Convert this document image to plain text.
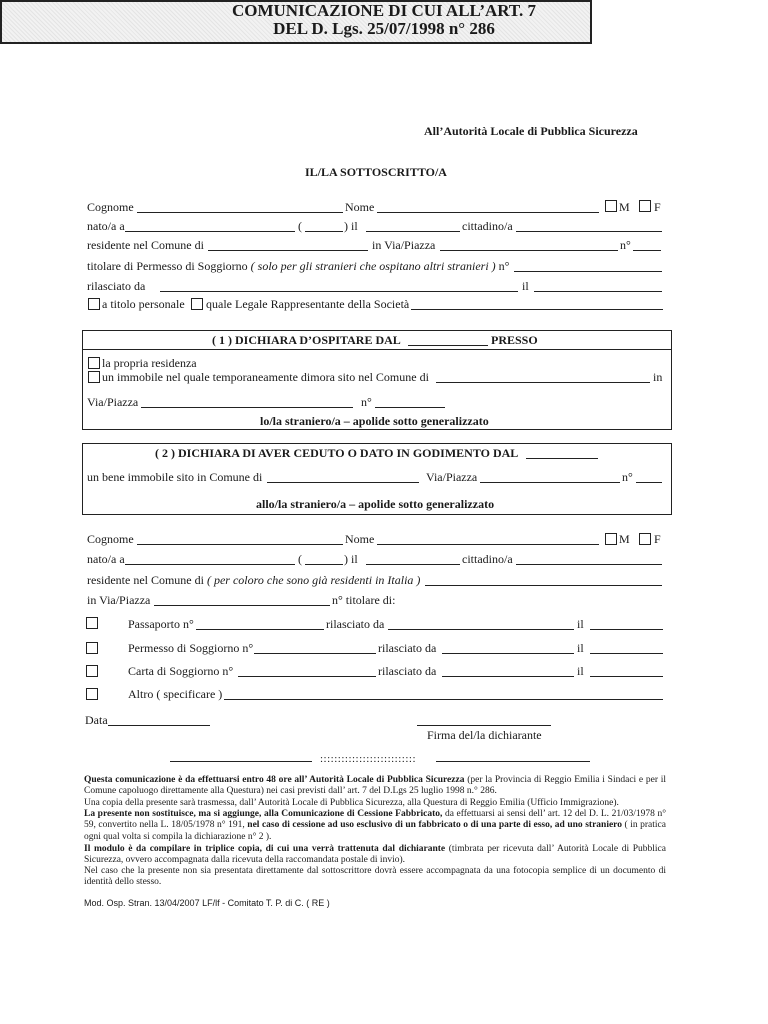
COMUNICAZIONE DI CUI ALL’ART. 7
DEL D. Lgs. 25/07/1998 n° 286
All’Autorità Locale di Pubblica Sicurezza
IL/LA SOTTOSCRITTO/A
Cognome	Nome	M F
nato/a a	(	) il	cittadino/a
residente nel Comune di	in Via/Piazza	n°
titolare di Permesso di Soggiorno ( solo per gli stranieri che ospitano altri stranieri ) n°
rilasciato da	il
a titolo personale quale Legale Rappresentante della Società
( 1 ) DICHIARA D’OSPITARE DAL	PRESSO
la propria residenza
un immobile nel quale temporaneamente dimora sito nel Comune di	in
Via/Piazza	n°
lo/la straniero/a – apolide sotto generalizzato
( 2 ) DICHIARA DI AVER CEDUTO O DATO IN GODIMENTO DAL
un bene immobile sito in Comune di	Via/Piazza	n°
allo/la straniero/a – apolide sotto generalizzato
Cognome	Nome	M F
nato/a a	(	) il	cittadino/a
residente nel Comune di ( per coloro che sono già residenti in Italia )
in Via/Piazza	n° titolare di:
Passaporto n°	rilasciato da	il
Permesso di Soggiorno n°	rilasciato da	il
Carta di Soggiorno n°	rilasciato da	il
Altro ( specificare )
Data
Firma del/la dichiarante
:::::::::::::::::::::::::::
Questa comunicazione è da effettuarsi entro 48 ore all’ Autorità Locale di Pubblica Sicurezza (per la Provincia di Reggio Emilia i Sindaci e per il Comune capoluogo direttamente alla Questura) nei casi previsti dall’ art. 7 del D.Lgs 25 luglio 1998 n.° 286.
Una copia della presente sarà trasmessa, dall’ Autorità Locale di Pubblica Sicurezza, alla Questura di Reggio Emilia (Ufficio Immigrazione).
La presente non sostituisce, ma si aggiunge, alla Comunicazione di Cessione Fabbricato, da effettuarsi ai sensi dell’ art. 12 del D. L. 21/03/1978 n° 59, convertito nella L. 18/05/1978 n° 191, nel caso di cessione ad uso esclusivo di un fabbricato o di una parte di esso, ad uno straniero ( in pratica ogni qual volta si compila la dichiarazione n° 2 ).
Il modulo è da compilare in triplice copia, di cui una verrà trattenuta dal dichiarante (timbrata per ricevuta dall’ Autorità Locale di Pubblica Sicurezza, ovvero accompagnata dalla ricevuta della raccomandata postale di invio).
Nel caso che la presente non sia presentata direttamente dal sottoscrittore dovrà essere accompagnata da una fotocopia semplice di un documento di identità dello stesso.
Mod. Osp. Stran. 13/04/2007 LF/lf - Comitato T. P. di C. ( RE )
